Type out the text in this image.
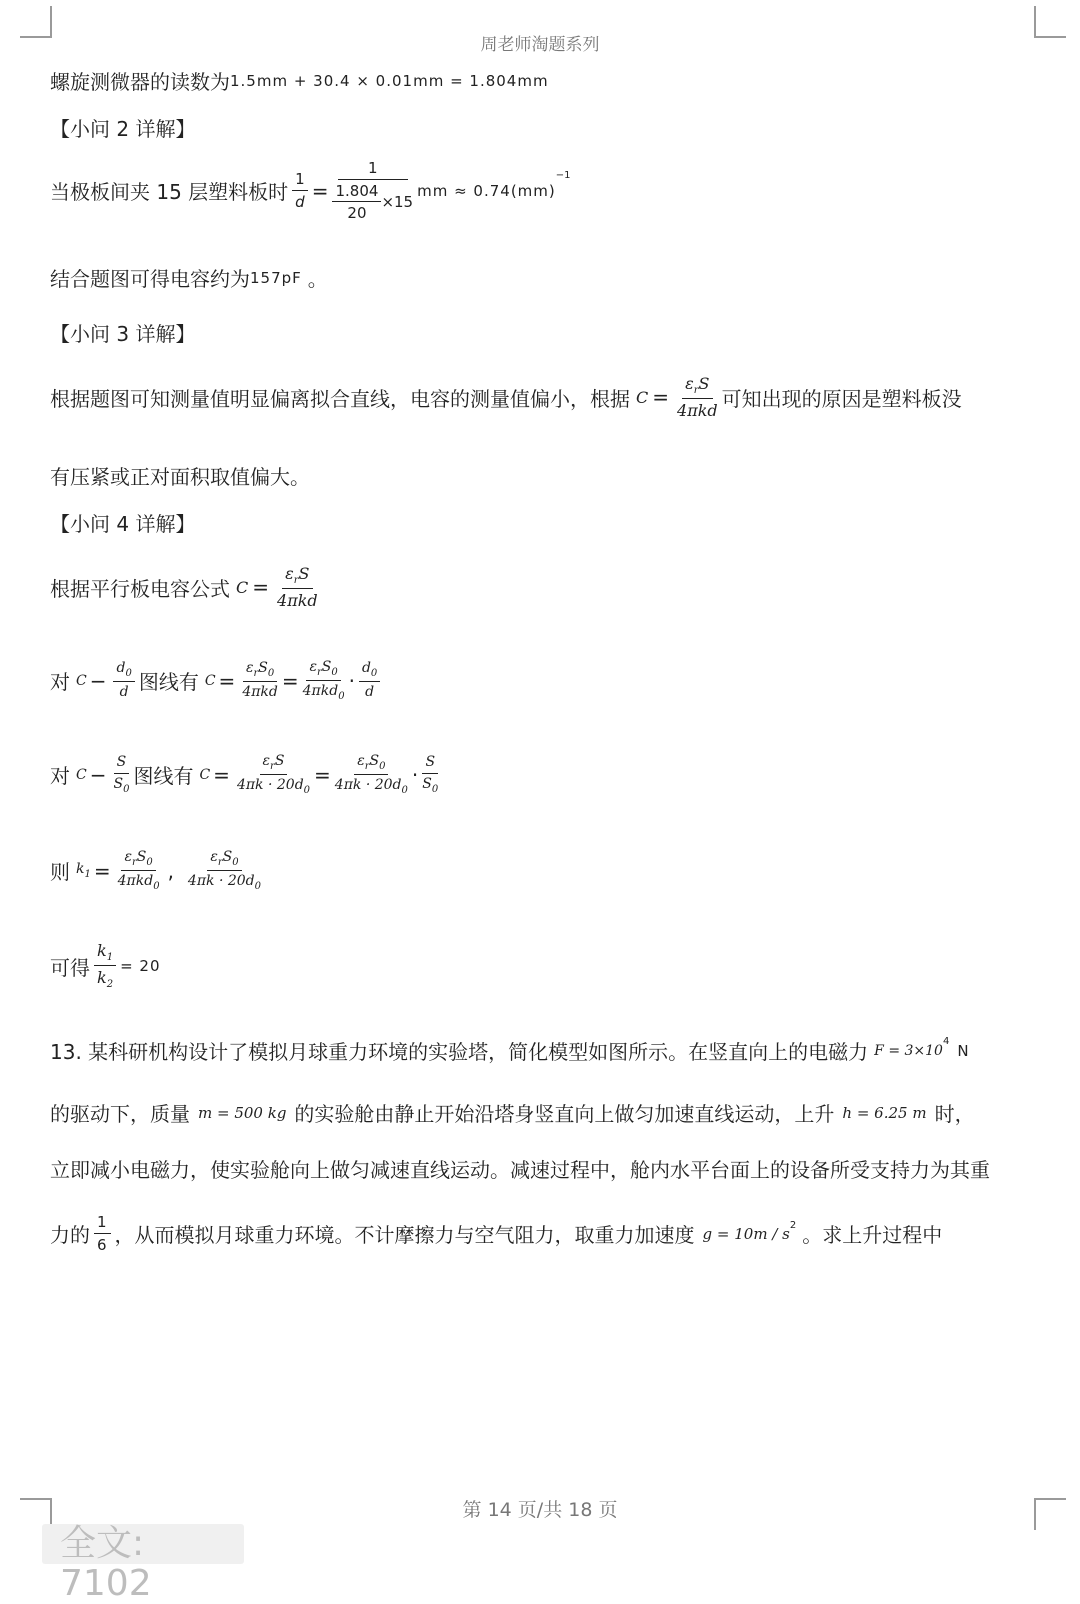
周老师淘题系列
螺旋测微器的读数为 1.5mm + 30.4 × 0.01mm = 1.804mm
【小问 2 详解】
当极板间夹 15 层塑料板时 $\frac{1}{d} = \frac{1}{\frac{1.804}{20} \times 15}$ mm ≈ 0.74(mm)
−1
结合题图可得电容约为 157pF 。
【小问 3 详解】
根据题图可知测量值明显偏离拟合直线，电容的测量值偏小，根据 $C = \frac{\varepsilon_rS}{\text{4πkd}}$ 可知出现的原因是塑料板没
有压紧或正对面积取值偏大。
【小问 4 详解】
根据平行板电容公式 $C = \frac{\varepsilon_rS}{\text{4πkd}}$
对 $C - \frac{d_0}{d}$ 图线有 $C = \frac{\varepsilon_rS_0}{\text{4πkd}} = \frac{\varepsilon_rS_0}{4\pi kd_0} \cdot \frac{d_0}{d}$
对 $C - \frac{S}{S_0}$ 图线有 $C = \frac{\varepsilon_rS}{4\pi k \cdot 20d_0} = \frac{\varepsilon_rS_0}{4\pi k \cdot 20d_0} \cdot \frac{S}{S_0}$
则 $k_1 = \frac{\varepsilon_rS_0}{4\pi kd_0}$ , $\frac{\varepsilon_rS_0}{4\pi k \cdot 20d_0}$
可得 $\frac{k_1}{k_2} = 20$
13. 某科研机构设计了模拟月球重力环境的实验塔，简化模型如图所示。在竖直向上的电磁力 F = 3×10
$^4$ N
的驱动下，质量 m = 500 kg 的实验舱由静止开始沿塔身竖直向上做匀加速直线运动，上升 h = 6.25 m 时，
立即减小电磁力，使实验舱向上做匀减速直线运动。减速过程中，舱内水平台面上的设备所受支持力为其重
力的 $\frac{1}{6}$ ，从而模拟月球重力环境。不计摩擦力与空气阻力，取重力加速度 $g = 10m / s^2$ 。求上升过程中
第 14 页/共 18 页
全文: 7102
